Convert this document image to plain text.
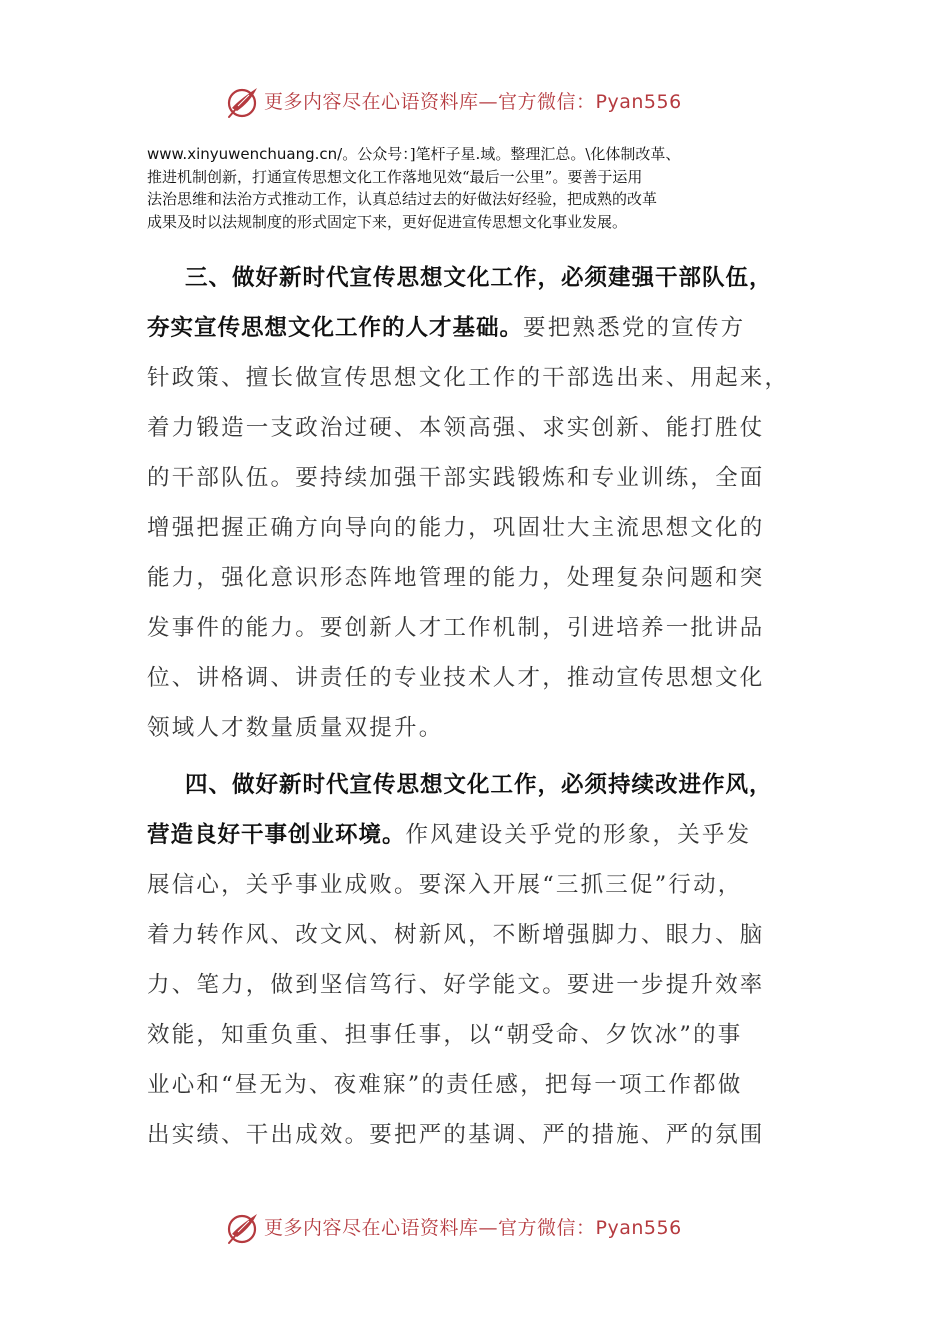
更多内容尽在心语资料库—官方微信：Pyan556
www.xinyuwenchuang.cn/。公众号：]笔杆子星.域。整理汇总。\化体制改革、
推进机制创新，打通宣传思想文化工作落地见效“最后一公里”。要善于运用
法治思维和法治方式推动工作，认真总结过去的好做法好经验，把成熟的改革
成果及时以法规制度的形式固定下来，更好促进宣传思想文化事业发展。
三、做好新时代宣传思想文化工作，必须建强干部队伍，
夯实宣传思想文化工作的人才基础。要把熟悉党的宣传方
针政策、擅长做宣传思想文化工作的干部选出来、用起来，
着力锻造一支政治过硬、本领高强、求实创新、能打胜仗
的干部队伍。要持续加强干部实践锻炼和专业训练，全面
增强把握正确方向导向的能力，巩固壮大主流思想文化的
能力，强化意识形态阵地管理的能力，处理复杂问题和突
发事件的能力。要创新人才工作机制，引进培养一批讲品
位、讲格调、讲责任的专业技术人才，推动宣传思想文化
领域人才数量质量双提升。
四、做好新时代宣传思想文化工作，必须持续改进作风，
营造良好干事创业环境。作风建设关乎党的形象，关乎发
展信心，关乎事业成败。要深入开展“三抓三促”行动，
着力转作风、改文风、树新风，不断增强脚力、眼力、脑
力、笔力，做到坚信笃行、好学能文。要进一步提升效率
效能，知重负重、担事任事，以“朝受命、夕饮冰”的事
业心和“昼无为、夜难寐”的责任感，把每一项工作都做
出实绩、干出成效。要把严的基调、严的措施、严的氛围
更多内容尽在心语资料库—官方微信：Pyan556
